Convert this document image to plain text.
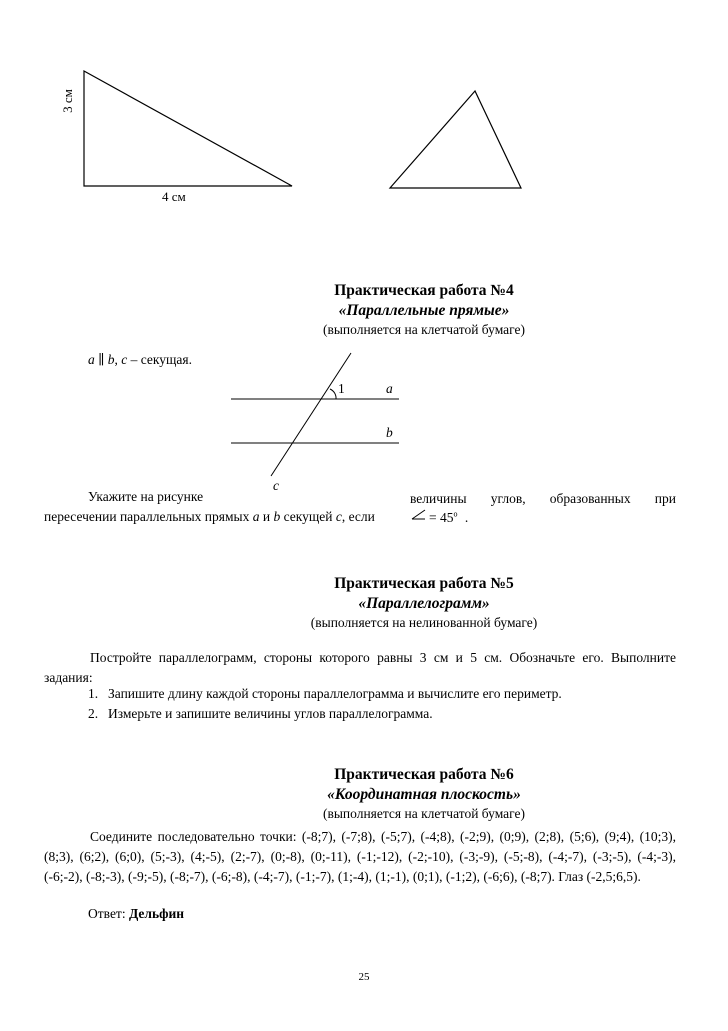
3 см
4 см
Практическая работа №4
«Параллельные прямые»
(выполняется на клетчатой бумаге)
a ∥ b, c – секущая.
1	a
b
c
Укажите на рисунке	величины углов, образованных при
пересечении параллельных прямых a и b секущей c, если	= $45^o$ .
Практическая работа №5
«Параллелограмм»
(выполняется на нелинованной бумаге)
Постройте параллелограмм, стороны которого равны 3 см и 5 см. Обозначьте его. Выполните задания:
1. Запишите длину каждой стороны параллелограмма и вычислите его периметр.
2. Измерьте и запишите величины углов параллелограмма.
Практическая работа №6
«Координатная плоскость»
(выполняется на клетчатой бумаге)
Соедините последовательно точки: (-8;7), (-7;8), (-5;7), (-4;8), (-2;9), (0;9), (2;8), (5;6), (9;4), (10;3), (8;3), (6;2), (6;0), (5;-3), (4;-5), (2;-7), (0;-8), (0;-11), (-1;-12), (-2;-10), (-3;-9), (-5;-8), (-4;-7), (-3;-5), (-4;-3), (-6;-2), (-8;-3), (-9;-5), (-8;-7), (-6;-8), (-4;-7), (-1;-7), (1;-4), (1;-1), (0;1), (-1;2), (-6;6), (-8;7). Глаз (-2,5;6,5).
Ответ: Дельфин
25
